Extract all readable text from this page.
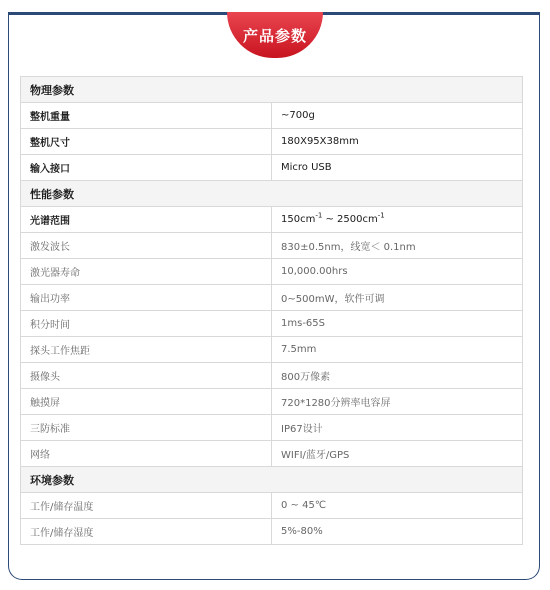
产品参数
物理参数	
整机重量	~700g
整机尺寸	180X95X38mm
输入接口	Micro USB
性能参数	
光谱范围	$150cm^{-1}$ ~ $2500cm^{-1}$
激发波长	830±0.5nm，线宽＜ 0.1nm
激光器寿命	10,000.00hrs
输出功率	0~500mW，软件可调
积分时间	1ms-65S
探头工作焦距	7.5mm
摄像头	800万像素
触摸屏	720*1280分辨率电容屏
三防标准	IP67设计
网络	WIFI/蓝牙/GPS
环境参数	
工作/储存温度	0 ~ 45℃
工作/储存湿度	5%-80%
